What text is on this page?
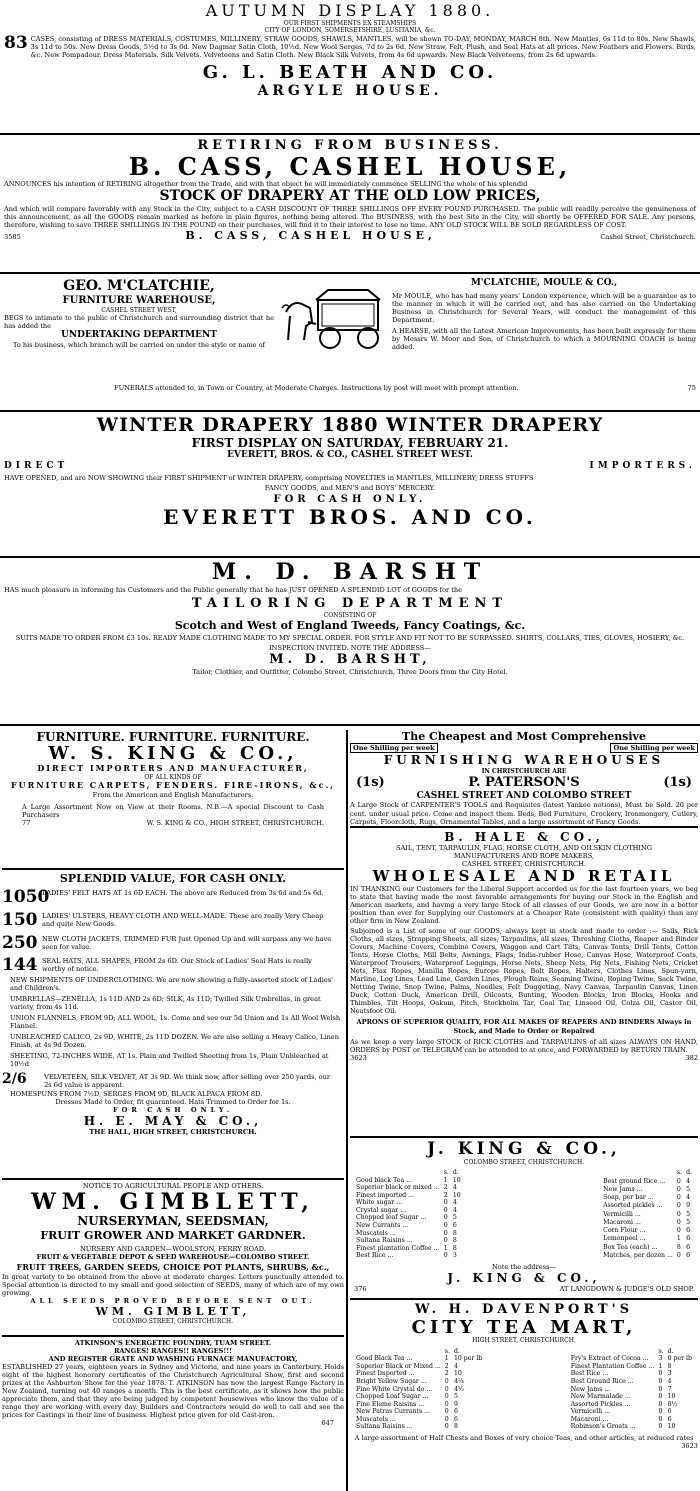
AUTUMN DISPLAY 1880.
OUR FIRST SHIPMENTS EX STEAMSHIPS
CITY OF LONDON, SOMERSETSHIRE, LUSITANIA, &c.
83 CASES, consisting of DRESS MATERIALS, COSTUMES, MILLINERY, STRAW GOODS, SHAWLS, MANTLES, will be shown TO-DAY, MONDAY, MARCH 8th. New Mantles, 6s 11d to 80s. New Shawls, 3s 11d to 50s. New Dress Goods, 5½d to 3s 6d. New Dagmar Satin Cloth, 10½d. New Wool Serges, 7d to 2s 6d. New Straw, Felt, Plush, and Seal Hats at all prices. New Feathers and Flowers. Birds, &c. New Pompadour. Dress Materials. Silk Velvets. Velveteens and Satin Cloth. New Black Silk Velvets, from 4s 6d upwards. New Black Velveteens, from 2s 6d upwards.
G. L. BEATH AND CO.
ARGYLE HOUSE.
RETIRING FROM BUSINESS.
B. CASS, CASHEL HOUSE,
ANNOUNCES his intention of RETIRING altogether from the Trade, and with that object he will immediately commence SELLING the whole of his splendid
STOCK OF DRAPERY AT THE OLD LOW PRICES,
And which will compare favorably with any Stock in the City, subject to a CASH DISCOUNT OF THREE SHILLINGS OFF EVERY POUND PURCHASED. The public will readily perceive the genuineness of this announcement, as all the GOODS remain marked as before in plain figures, nothing being altered. The BUSINESS, with the best Site in the City, will shortly be OFFERED FOR SALE. Any persons, therefore, wishing to save THREE SHILLINGS IN THE POUND on their purchases, will find it to their interest to lose no time. ANY OLD STOCK WILL BE SOLD REGARDLESS OF COST.
3585	B. CASS, CASHEL HOUSE,	Cashel Street, Christchurch.
GEO. M'CLATCHIE,
FURNITURE WAREHOUSE,
CASHEL STREET WEST,
BEGS to intimate to the public of Christchurch and surrounding district that he has added the
UNDERTAKING DEPARTMENT
To his business, which branch will be carried on under the style or name of
M'CLATCHIE, MOULE & CO.,
Mr MOULE, who has had many years' London experience, which will be a guarantee as to the manner in which it will be carried out, and has also carried on the Undertaking Business in Christchurch for Several Years, will conduct the management of this Department.
A HEARSE, with all the Latest American Improvements, has been built expressly for them by Messrs W. Moor and Son, of Christchurch to which a MOURNING COACH is being added.
FUNERALS attended to, in Town or Country, at Moderate Charges. Instructions by post will meet with prompt attention.	75
WINTER DRAPERY 1880 WINTER DRAPERY
FIRST DISPLAY ON SATURDAY, FEBRUARY 21.
EVERETT, BROS. & CO., CASHEL STREET WEST.
DIRECT	IMPORTERS.
HAVE OPENED, and are NOW SHOWING their FIRST SHIPMENT of WINTER DRAPERY, comprising NOVELTIES in MANTLES, MILLINERY, DRESS STUFFS
FANCY GOODS, and MEN'S and BOYS' MERCERY.
FOR CASH ONLY.
EVERETT BROS. AND CO.
M. D. BARSHT
HAS much pleasure in informing his Customers and the Public generally that he has JUST OPENED A SPLENDID LOT of GOODS for the
TAILORING DEPARTMENT
CONSISTING OF
Scotch and West of England Tweeds, Fancy Coatings, &c.
SUITS MADE TO ORDER FROM £3 10s. READY MADE CLOTHING MADE TO MY SPECIAL ORDER. FOR STYLE AND FIT NOT TO BE SURPASSED. SHIRTS, COLLARS, TIES, GLOVES, HOSIERY, &c.
INSPECTION INVITED. NOTE THE ADDRESS—
M. D. BARSHT,
Tailor, Clothier, and Outfitter, Colombo Street, Christchurch, Three Doors from the City Hotel.
FURNITURE. FURNITURE. FURNITURE.
W. S. KING & CO.,
DIRECT IMPORTERS AND MANUFACTURER,
OF ALL KINDS OF
FURNITURE CARPETS, FENDERS. FIRE-IRONS, &c.,
From the American and English Manufacturers.
A Large Assortment Now on View at their Rooms. N.B.—A special Discount to Cash Purchasers
77	W. S. KING & CO., HIGH STREET, CHRISTCHURCH.
SPLENDID VALUE, FOR CASH ONLY.
1050LADIES' FELT HATS AT 1s 6D EACH. The above are Reduced from 3s 6d and 5s 6d.
150 LADIES' ULSTERS, HEAVY CLOTH AND WELL-MADE. These are really Very Cheap and quite New Goods.
250 NEW CLOTH JACKETS, TRIMMED FUR Just Opened Up and will surpass any we have seen for value.
144 SEAL HATS, ALL SHAPES, FROM 2s 6D. Our Stock of Ladies' Seal Hats is really worthy of notice.
NEW SHIPMENTS OF UNDERCLOTHING. We are now showing a fully-assorted stock of Ladies' and Children's.
UMBRELLAS—ZENELLA, 1s 11D AND 2s 6D; SILK, 4s 11D; Twilled Silk Umbrellas, in great variety, from 4s 11d.
UNION FLANNELS, FROM 9D; ALL WOOL, 1s. Come and see our 5d Union and 1s All Wool Welsh Flannel.
UNBLEACHED CALICO, 2s 9D, WHITE, 2s 11D DOZEN. We are also selling a Heavy Calico, Linen Finish, at 4s 9d Dozen.
SHEETING, 72-INCHES WIDE, AT 1s. Plain and Twilled Sheeting from 1s, Plain Unbleached at 10½d
2/6	VELVETEEN, SILK VELVET, AT 3s 9D. We think now, after selling over 250 yards, our 2s 6d value is apparent.
HOMESPUNS FROM 7½D, SERGES FROM 9D, BLACK ALPACA FROM 8D.
Dresses Made to Order, fit guaranteed. Hats Trimmed to Order for 1s.
FOR CASH ONLY.
H. E. MAY & CO.,
THE HALL, HIGH STREET, CHRISTCHURCH.
NOTICE TO AGRICULTURAL PEOPLE AND OTHERS.
WM. GIMBLETT,
NURSERYMAN, SEEDSMAN,
FRUIT GROWER AND MARKET GARDNER.
NURSERY AND GARDEN—WOOLSTON, FERRY ROAD.
FRUIT & VEGETABLE DEPOT & SEED WAREHOUSE—COLOMBO STREET.
FRUIT TREES, GARDEN SEEDS, CHOICE POT PLANTS, SHRUBS, &c.,
In great variety to be obtained from the above at moderate charges. Letters punctually attended to. Special attention is directed to my small and good selection of SEEDS, many of which are of my own growing.
ALL SEEDS PROVED BEFORE SENT OUT.
WM. GIMBLETT,
COLOMBO STREET, CHRISTCHURCH.
ATKINSON'S ENERGETIC FOUNDRY, TUAM STREET.
RANGES! RANGES!! RANGES!!!
AND REGISTER GRATE AND WASHING FURNACE MANUFACTORY,
ESTABLISHED 27 years, eighteen years in Sydney and Victoria, and nine years in Canterbury. Holds eight of the highest honorary certificates of the Christchurch Agricultural Show, first and second prizes at the Ashburton Show for the year 1878. T. ATKINSON has now the largest Range Factory in New Zealand, turning out 40 ranges a month. This is the best certificate, as it shows how the public appreciate them, and that they are being judged by competent housewives who know the value of a range they are working with every day. Builders and Contractors would do well to call and see the prices for Castings in their line of business. Highest price given for old Cast-iron.
647
The Cheapest and Most Comprehensive
One Shilling per week	One Shilling per week
FURNISHING WAREHOUSES
IN CHRISTCHURCH ARE
(1s)	P. PATERSON'S	(1s)
CASHEL STREET AND COLOMBO STREET
A Large Stock of CARPENTER'S TOOLS and Requisites (latest Yankee notions), Must be Sold. 20 per cent. under usual price. Come and inspect them. Beds, Bed Furniture, Crockery, Ironmongery, Cutlery, Carpets, Floorcloth, Rugs, Ornamental Tables, and a large assortment of Fancy Goods.
B. HALE & CO.,
SAIL, TENT, TARPAULIN, FLAG, HORSE CLOTH, AND OILSKIN CLOTHING
MANUFACTURERS AND ROPE MAKERS,
CASHEL STREET, CHRISTCHURCH.
WHOLESALE AND RETAIL
IN THANKING our Customers for the Liberal Support accorded us for the last fourteen years, we beg to state that having made the most favorable arrangements for buying our Stock in the English and American markets, and having a very large Stock of all classes of our Goods, we are now in a better position than ever for Supplying our Customers at a Cheaper Rate (consistent with quality) than any other firm in New Zealand.
Subjoined is a List of some of our GOODS, always kept in stock and made to order :— Sails, Rick Cloths, all sizes, Strapping Sheets, all sizes, Tarpaulins, all sizes, Threshing Cloths, Reaper and Binder Covers, Machine Covers, Combine Covers, Waggon and Cart Tilts, Canvas Tents, Drill Tents, Cotton Tents, Horse Cloths, Mill Belts, Awnings, Flags, India-rubber Hose, Canvas Hose, Waterproof Coats, Waterproof Trousers, Waterproof Leggings, Horse Nets, Sheep Nets, Pig Nets, Fishing Nets, Cricket Nets, Flax Ropes, Manilla Ropes, Europe Ropes, Bolt Ropes, Halters, Clothes Lines, Spun-yarn, Marline, Log Lines, Lead Line, Garden Lines, Plough Reins, Seaming Twine, Roping Twine, Sack Twine, Netting Twine, Snop Twine, Palms, Needles, Felt Duggeting, Navy Canvas, Tarpaulin Canvas, Linen Duck, Cotton Duck, American Drill, Oilcoats, Bunting, Wooden Blocks, Iron Blocks, Hooks and Thimbles, Tilt Hoops, Oakum, Pitch, Stockholm Tar, Coal Tar, Linseed Oil, Colza Oil, Castor Oil, Neatsfoot Oil.
APRONS OF SUPERIOR QUALITY, FOR ALL MAKES OF REAPERS AND BINDERS Always in Stock, and Made to Order or Repaired
As we keep a very large STOCK of RICK CLOTHS and TARPAULINS of all sizes ALWAYS ON HAND, ORDERS by POST or TELEGRAM can be attended to at once, and FORWARDED by RETURN TRAIN.
3623	382
J. KING & CO.,
COLOMBO STREET, CHRISTCHURCH.
	s.	d.
Good black Tea ...	1	10
Superior black or mixed ...	2	4
Finest imported ...	2	10
White sugar ...	0	4
Crystal sugar ...	0	4
Chopped loaf Sugar ...	0	5
New Currants ...	0	6
Muscatels ...	0	8
Sultana Raisins ...	0	8
Finest plantation Coffee ...	1	8
Best Rice ...	0	3
	s.	d.
Best ground Rice ...	0	4
New Jams ...	0	5
Soap, per bar ...	0	4
Assorted pickles ...	0	9
Vermicilli ...	0	5
Macaroni ...	0	5
Corn Flour ...	0	6
Lemonpeel ...	1	6
Box Tea (each) ...	8	6
Matches, per dozen ...	0	6
Note the address—
J. KING & CO.,
376	AT LANGDOWN & JUDGE'S OLD SHOP.
W. H. DAVENPORT'S
CITY TEA MART,
HIGH STREET, CHRISTCHURCH.
	s.	d.
Good Black Tea ...	1	10 per lb
Superior Black or Mixed ...	2	4
Finest Imported ...	2	10
Bright Yellow Sugar ...	0	4¼
Fine White Crystal do ...	0	4½
Chopped Loaf Sugar ...	0	5
Fine Eleme Raisins ...	0	9
New Patras Currants ...	0	6
Muscatels ...	0	6
Sultana Raisins ...	0	8
	s.	d.
Fry's Extract of Cocoa ...	3	0 per lb
Finest Plantation Coffee ...	1	8
Best Rice ...	0	3
Best Ground Rice ...	0	4
New Jams ...	0	7
New Marmalade ...	0	10
Assorted Pickles ...	0	8½
Vermicelli ...	0	6
Macaroni ...	0	6
Robinson's Groats ...	0	10
A large assortment of Half Chests and Boxes of very choice Teas, and other articles, at reduced rates
3623
